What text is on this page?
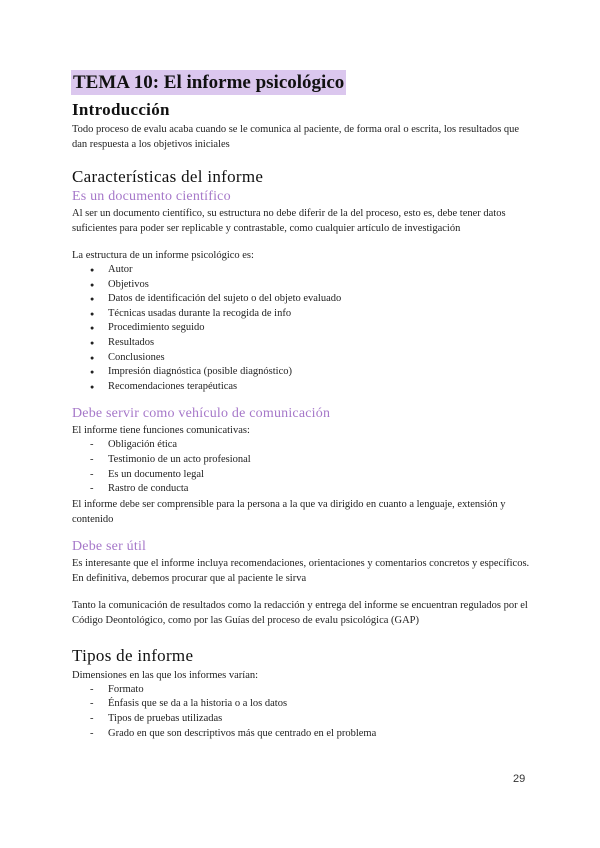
TEMA 10: El informe psicológico
Introducción

Todo proceso de evalu acaba cuando se le comunica al paciente, de forma oral o escrita, los resultados que dan respuesta a los objetivos iniciales

Características del informe
Es un documento científico

Al ser un documento científico, su estructura no debe diferir de la del proceso, esto es, debe tener datos suficientes para poder ser replicable y contrastable, como cualquier artículo de investigación

La estructura de un informe psicológico es:

● Autor
● Objetivos
● Datos de identificación del sujeto o del objeto evaluado
● Técnicas usadas durante la recogida de info
● Procedimiento seguido
● Resultados
● Conclusiones
● Impresión diagnóstica (posible diagnóstico)
● Recomendaciones terapéuticas
Debe servir como vehículo de comunicación

El informe tiene funciones comunicativas:

- Obligación ética
- Testimonio de un acto profesional
- Es un documento legal
- Rastro de conducta

El informe debe ser comprensible para la persona a la que va dirigido en cuanto a lenguaje, extensión y contenido

Debe ser útil

Es interesante que el informe incluya recomendaciones, orientaciones y comentarios concretos y específicos. En definitiva, debemos procurar que al paciente le sirva

Tanto la comunicación de resultados como la redacción y entrega del informe se encuentran regulados por el Código Deontológico, como por las Guías del proceso de evalu psicológica (GAP)

Tipos de informe

Dimensiones en las que los informes varían:

- Formato
- Énfasis que se da a la historia o a los datos
- Tipos de pruebas utilizadas
- Grado en que son descriptivos más que centrado en el problema
29
